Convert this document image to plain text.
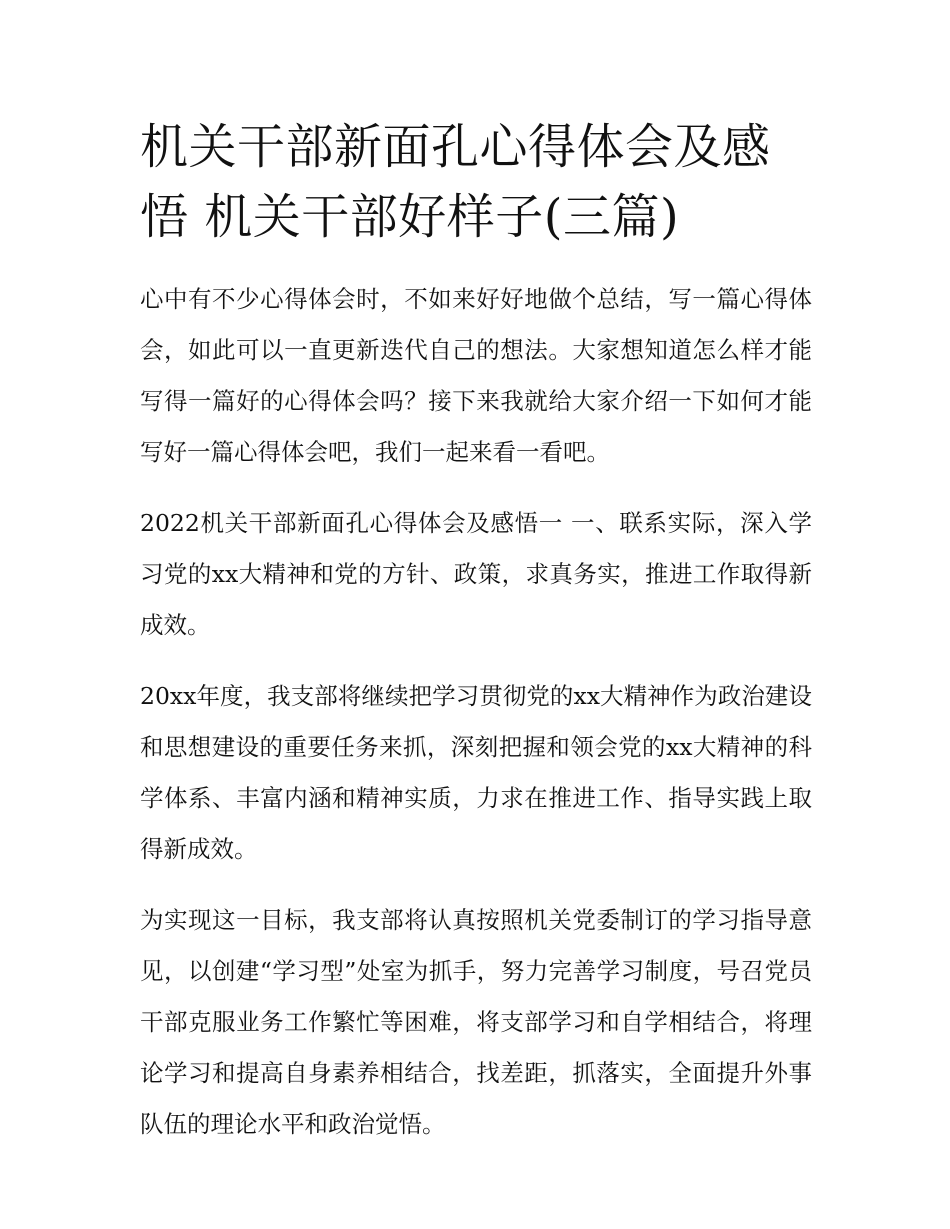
机关干部新面孔心得体会及感悟 机关干部好样子(三篇)

心中有不少心得体会时，不如来好好地做个总结，写一篇心得体会，如此可以一直更新迭代自己的想法。大家想知道怎么样才能写得一篇好的心得体会吗？接下来我就给大家介绍一下如何才能写好一篇心得体会吧，我们一起来看一看吧。

2022机关干部新面孔心得体会及感悟一 一、联系实际，深入学习党的xx大精神和党的方针、政策，求真务实，推进工作取得新成效。

20xx年度，我支部将继续把学习贯彻党的xx大精神作为政治建设和思想建设的重要任务来抓，深刻把握和领会党的xx大精神的科学体系、丰富内涵和精神实质，力求在推进工作、指导实践上取得新成效。

为实现这一目标，我支部将认真按照机关党委制订的学习指导意见，以创建“学习型”处室为抓手，努力完善学习制度，号召党员干部克服业务工作繁忙等困难，将支部学习和自学相结合，将理论学习和提高自身素养相结合，找差距，抓落实，全面提升外事队伍的理论水平和政治觉悟。
